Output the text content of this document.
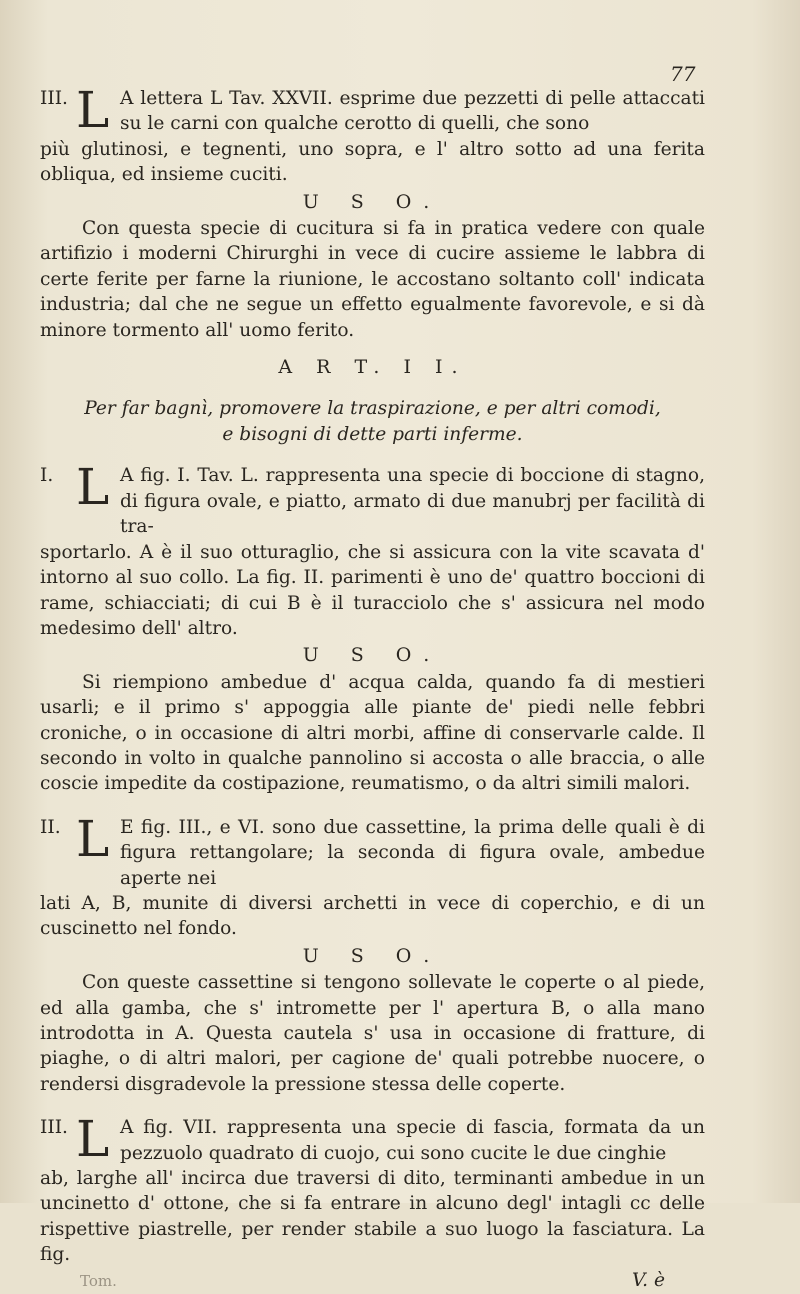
77
III. L A lettera L Tav. XXVII. esprime due pezzetti di pelle attaccati su le carni con qualche cerotto di quelli, che sono

più glutinosi, e tegnenti, uno sopra, e l' altro sotto ad una ferita obliqua, ed insieme cuciti.

U S O.

Con questa specie di cucitura si fa in pratica vedere con quale artifizio i moderni Chirurghi in vece di cucire assieme le labbra di certe ferite per farne la riunione, le accostano soltanto coll' indicata industria; dal che ne segue un effetto egualmente favorevole, e si dà minore tormento all' uomo ferito.

A R T. I I.
Per far bagnì, promovere la traspirazione, e per altri comodi,
e bisogni di dette parti inferme.
I. L A fig. I. Tav. L. rappresenta una specie di boccione di stagno, di figura ovale, e piatto, armato di due manubrj per facilità di tra-

sportarlo. A è il suo otturaglio, che si assicura con la vite scavata d' intorno al suo collo. La fig. II. parimenti è uno de' quattro boccioni di rame, schiacciati; di cui B è il turacciolo che s' assicura nel modo medesimo dell' altro.

U S O.

Si riempiono ambedue d' acqua calda, quando fa di mestieri usarli; e il primo s' appoggia alle piante de' piedi nelle febbri croniche, o in occasione di altri morbi, affine di conservarle calde. Il secondo in volto in qualche pannolino si accosta o alle braccia, o alle coscie impedite da costipazione, reumatismo, o da altri simili malori.

II. L E fig. III., e VI. sono due cassettine, la prima delle quali è di figura rettangolare; la seconda di figura ovale, ambedue aperte nei

lati A, B, munite di diversi archetti in vece di coperchio, e di un cuscinetto nel fondo.

U S O.

Con queste cassettine si tengono sollevate le coperte o al piede, ed alla gamba, che s' intromette per l' apertura B, o alla mano introdotta in A. Questa cautela s' usa in occasione di fratture, di piaghe, o di altri malori, per cagione de' quali potrebbe nuocere, o rendersi disgradevole la pressione stessa delle coperte.

III. L A fig. VII. rappresenta una specie di fascia, formata da un pezzuolo quadrato di cuojo, cui sono cucite le due cinghie

ab, larghe all' incirca due traversi di dito, terminanti ambedue in un uncinetto d' ottone, che si fa entrare in alcuno degl' intagli cc delle rispettive piastrelle, per render stabile a suo luogo la fasciatura. La fig.

Tom.	V. è
